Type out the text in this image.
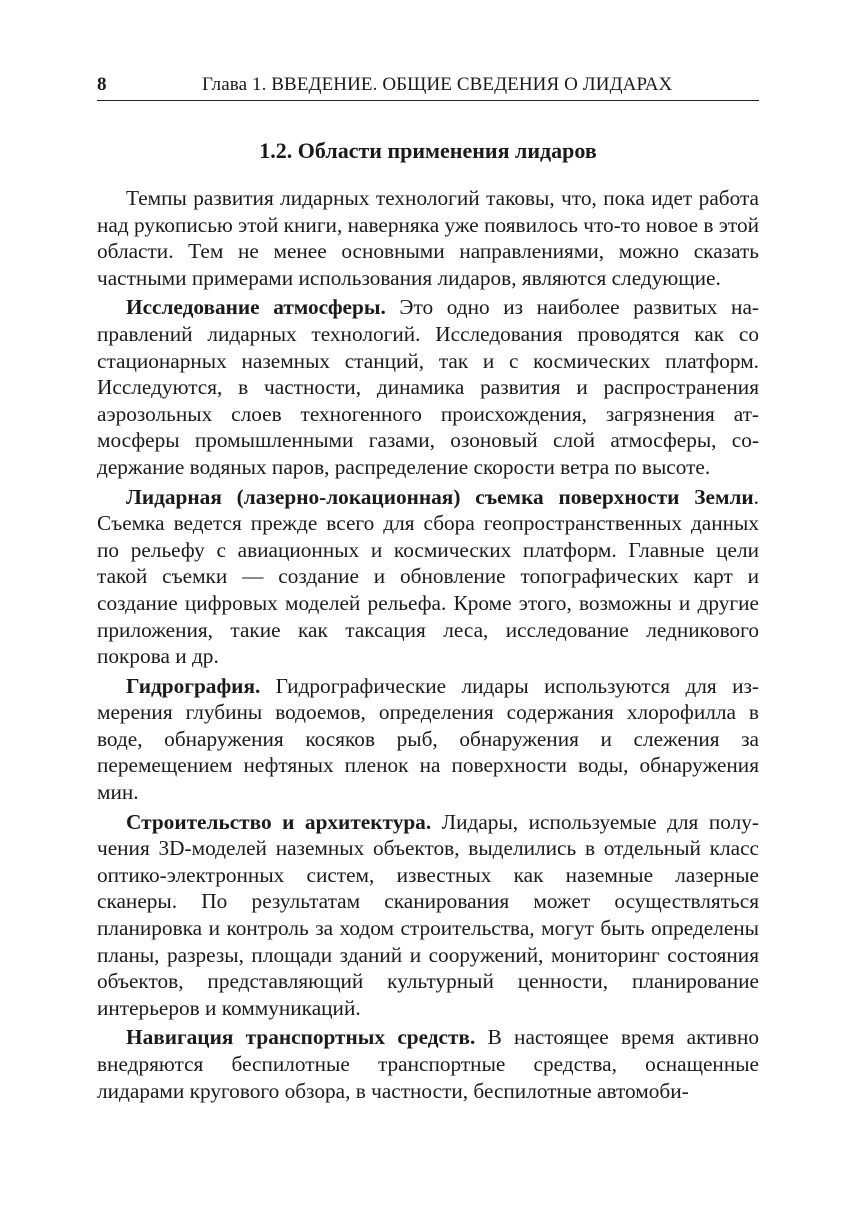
8	Глава 1. ВВЕДЕНИЕ. ОБЩИЕ СВЕДЕНИЯ О ЛИДАРАХ
1.2. Области применения лидаров

Темпы развития лидарных технологий таковы, что, пока идет работа над рукописью этой книги, наверняка уже появилось что-то новое в этой области. Тем не менее основными направлениями, можно сказать частными примерами использования лидаров, являются следующие.

Исследование атмосферы. Это одно из наиболее развитых направлений лидарных технологий. Исследования проводятся как со стационарных наземных станций, так и с космических платформ. Исследуются, в частности, динамика развития и распространения аэрозольных слоев техногенного происхождения, загрязнения атмосферы промышленными газами, озоновый слой атмосферы, содержание водяных паров, распределение скорости ветра по высоте.

Лидарная (лазерно-локационная) съемка поверхности Земли. Съемка ведется прежде всего для сбора геопространственных данных по рельефу с авиационных и космических платформ. Главные цели такой съемки — создание и обновление топографических карт и создание цифровых моделей рельефа. Кроме этого, возможны и другие приложения, такие как таксация леса, исследование ледникового покрова и др.

Гидрография. Гидрографические лидары используются для измерения глубины водоемов, определения содержания хлорофилла в воде, обнаружения косяков рыб, обнаружения и слежения за перемещением нефтяных пленок на поверхности воды, обнаружения мин.

Строительство и архитектура. Лидары, используемые для получения 3D-моделей наземных объектов, выделились в отдельный класс оптико-электронных систем, известных как наземные лазерные сканеры. По результатам сканирования может осуществляться планировка и контроль за ходом строительства, могут быть определены планы, разрезы, площади зданий и сооружений, мониторинг состояния объектов, представляющий культурный ценности, планирование интерьеров и коммуникаций.

Навигация транспортных средств. В настоящее время активно внедряются беспилотные транспортные средства, оснащенные лидарами кругового обзора, в частности, беспилотные автомоби-
